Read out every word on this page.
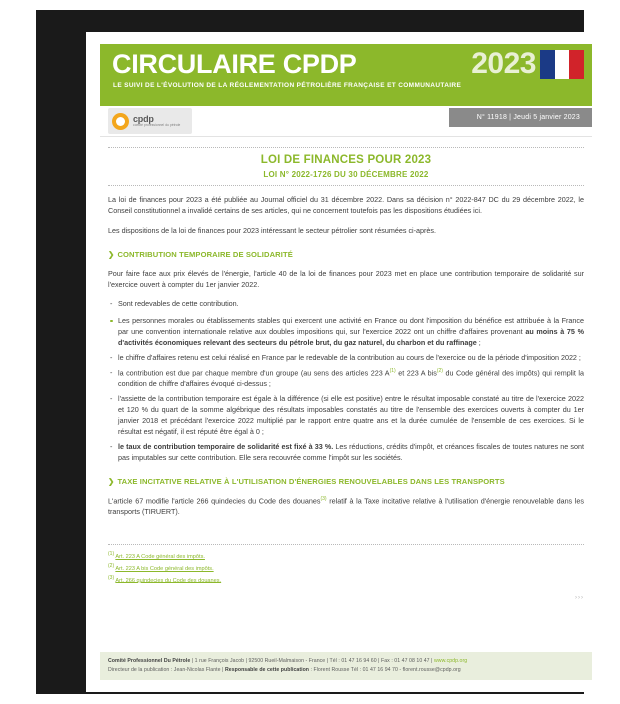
CIRCULAIRE CPDP	2023
LE SUIVI DE L'ÉVOLUTION DE LA RÉGLEMENTATION PÉTROLIÈRE FRANÇAISE ET COMMUNAUTAIRE
cpdp
comité professionnel du pétrole
N° 11918 | Jeudi 5 janvier 2023
LOI DE FINANCES POUR 2023
LOI N° 2022-1726 DU 30 DÉCEMBRE 2022

La loi de finances pour 2023 a été publiée au Journal officiel du 31 décembre 2022. Dans sa décision n° 2022-847 DC du 29 décembre 2022, le Conseil constitutionnel a invalidé certains de ses articles, qui ne concernent toutefois pas les dispositions étudiées ici.

Les dispositions de la loi de finances pour 2023 intéressant le secteur pétrolier sont résumées ci-après.

❯ CONTRIBUTION TEMPORAIRE DE SOLIDARITÉ

Pour faire face aux prix élevés de l'énergie, l'article 40 de la loi de finances pour 2023 met en place une contribution temporaire de solidarité sur l'exercice ouvert à compter du 1er janvier 2022.

- Sont redevables de cette contribution.
Les personnes morales ou établissements stables qui exercent une activité en France ou dont l'imposition du bénéfice est attribuée à la France par une convention internationale relative aux doubles impositions qui, sur l'exercice 2022 ont un chiffre d'affaires provenant au moins à 75 % d'activités économiques relevant des secteurs du pétrole brut, du gaz naturel, du charbon et du raffinage ;
- le chiffre d'affaires retenu est celui réalisé en France par le redevable de la contribution au cours de l'exercice ou de la période d'imposition 2022 ;
- la contribution est due par chaque membre d'un groupe (au sens des articles 223 $A^{(1)}$ et 223 A bis$^{(2)}$ du Code général des impôts) qui remplit la condition de chiffre d'affaires évoqué ci-dessus ;
- l'assiette de la contribution temporaire est égale à la différence (si elle est positive) entre le résultat imposable constaté au titre de l'exercice 2022 et 120 % du quart de la somme algébrique des résultats imposables constatés au titre de l'ensemble des exercices ouverts à compter du 1er janvier 2018 et précédant l'exercice 2022 multiplié par le rapport entre quatre ans et la durée cumulée de l'ensemble de ces exercices. Si le résultat est négatif, il est réputé être égal à 0 ;
- le taux de contribution temporaire de solidarité est fixé à 33 %. Les réductions, crédits d'impôt, et créances fiscales de toutes natures ne sont pas imputables sur cette contribution. Elle sera recouvrée comme l'impôt sur les sociétés.
❯ TAXE INCITATIVE RELATIVE À L'UTILISATION D'ÉNERGIES RENOUVELABLES DANS LES TRANSPORTS

L'article 67 modifie l'article 266 quindecies du Code des douanes$^{(3)}$ relatif à la Taxe incitative relative à l'utilisation d'énergie renouvelable dans les transports (TIRUERT).

$^{(1)}$ Art. 223 A Code général des impôts.
$^{(2)}$ Art. 223 A bis Code général des impôts.
$^{(3)}$ Art. 266 quindecies du Code des douanes.
›››
Comité Professionnel Du Pétrole | 1 rue François Jacob | 92500 Rueil-Malmaison - France | Tél : 01 47 16 94 60 | Fax : 01 47 08 10 47 | www.cpdp.org
Directeur de la publication : Jean-Nicolas Flante | Responsable de cette publication : Florent Rousse Tél : 01 47 16 94 70 - florent.rousse@cpdp.org
